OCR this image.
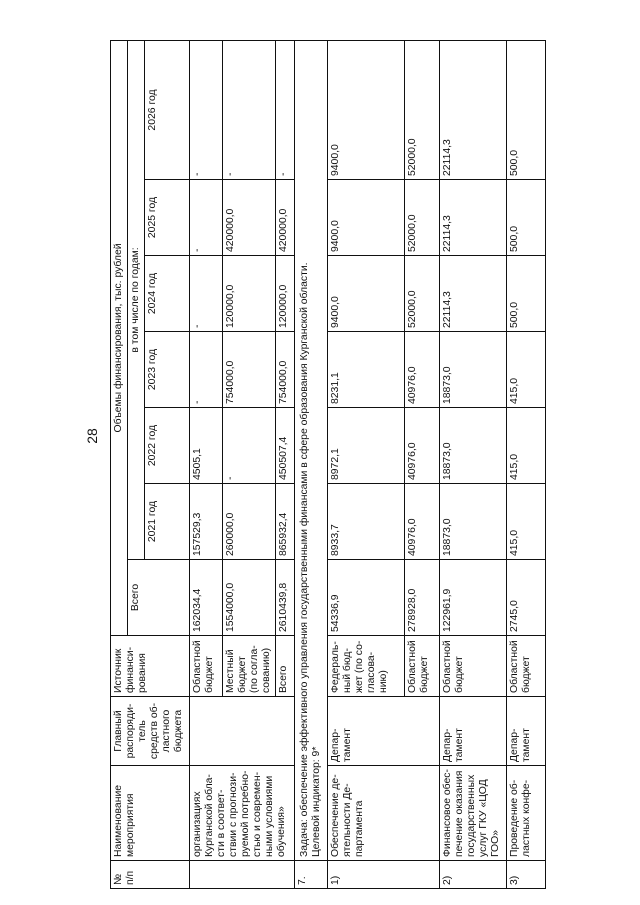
28
№ п/п	Наименование мероприятия	Главный распорядитель средств областного бюджета	Источник финансирования	Объемы финансирования, тыс. рублей						
				Всего	в том числе по годам:					
					2021 год	2022 год	2023 год	2024 год	2025 год	2026 год
	организациях Курганской области в соответствии с прогнозируемой потребностью и современными условиями обучения»		Областной бюджет	162034,4	157529,3	4505,1	-	-	-	-
			Местный бюджет (по согласованию)	1554000,0	260000,0	-	754000,0	120000,0	420000,0	-
			Всего	2610439,8	865932,4	450507,4	754000,0	120000,0	420000,0	-
7.	Задача: обеспечение эффективного управления государственными финансами в сфере образования Курганской области. Целевой индикатор: 9*									

1)	Обеспечение деятельности Департамента	Департамент	Федеральный бюджет (по согласованию)	54336,9	8933,7	8972,1	8231,1	9400,0	9400,0	9400,0
			Областной бюджет	278928,0	40976,0	40976,0	40976,0	52000,0	52000,0	52000,0
2)	Финансовое обеспечение оказания государственных услуг ГКУ «ЦОД ГОО»	Департамент	Областной бюджет	122961,9	18873,0	18873,0	18873,0	22114,3	22114,3	22114,3
3)	Проведение областных конфе-	Департамент	Областной бюджет	2745,0	415,0	415,0	415,0	500,0	500,0	500,0
